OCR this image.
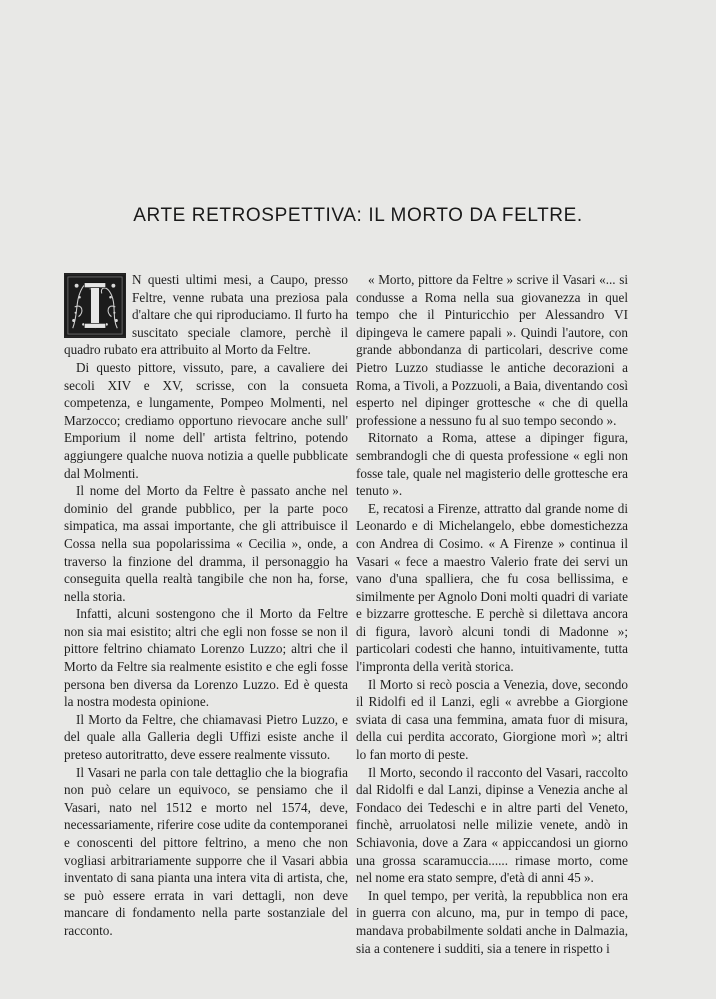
ARTE RETROSPETTIVA: IL MORTO DA FELTRE.
I

N questi ultimi mesi, a Caupo, presso Feltre, venne rubata una preziosa pala d'altare che qui riproduciamo. Il furto ha suscitato speciale clamore, perchè il quadro rubato era attribuito al Morto da Feltre.

Di questo pittore, vissuto, pare, a cavaliere dei secoli XIV e XV, scrisse, con la consueta competenza, e lungamente, Pompeo Molmenti, nel Marzocco; crediamo opportuno rievocare anche sull' Emporium il nome dell' artista feltrino, potendo aggiungere qualche nuova notizia a quelle pubblicate dal Molmenti.

Il nome del Morto da Feltre è passato anche nel dominio del grande pubblico, per la parte poco simpatica, ma assai importante, che gli attribuisce il Cossa nella sua popolarissima « Cecilia », onde, a traverso la finzione del dramma, il personaggio ha conseguita quella realtà tangibile che non ha, forse, nella storia.

Infatti, alcuni sostengono che il Morto da Feltre non sia mai esistito; altri che egli non fosse se non il pittore feltrino chiamato Lorenzo Luzzo; altri che il Morto da Feltre sia realmente esistito e che egli fosse persona ben diversa da Lorenzo Luzzo. Ed è questa la nostra modesta opinione.

Il Morto da Feltre, che chiamavasi Pietro Luzzo, e del quale alla Galleria degli Uffizi esiste anche il preteso autoritratto, deve essere realmente vissuto.

Il Vasari ne parla con tale dettaglio che la biografia non può celare un equivoco, se pensiamo che il Vasari, nato nel 1512 e morto nel 1574, deve, necessariamente, riferire cose udite da contemporanei e conoscenti del pittore feltrino, a meno che non vogliasi arbitrariamente supporre che il Vasari abbia inventato di sana pianta una intera vita di artista, che, se può essere errata in vari dettagli, non deve mancare di fondamento nella parte sostanziale del racconto.

« Morto, pittore da Feltre » scrive il Vasari «... si condusse a Roma nella sua giovanezza in quel tempo che il Pinturicchio per Alessandro VI dipingeva le camere papali ». Quindi l'autore, con grande abbondanza di particolari, descrive come Pietro Luzzo studiasse le antiche decorazioni a Roma, a Tivoli, a Pozzuoli, a Baia, diventando così esperto nel dipinger grottesche « che di quella professione a nessuno fu al suo tempo secondo ».

Ritornato a Roma, attese a dipinger figura, sembrandogli che di questa professione « egli non fosse tale, quale nel magisterio delle grottesche era tenuto ».

E, recatosi a Firenze, attratto dal grande nome di Leonardo e di Michelangelo, ebbe domestichezza con Andrea di Cosimo. « A Firenze » continua il Vasari « fece a maestro Valerio frate dei servi un vano d'una spalliera, che fu cosa bellissima, e similmente per Agnolo Doni molti quadri di variate e bizzarre grottesche. E perchè si dilettava ancora di figura, lavorò alcuni tondi di Madonne »; particolari codesti che hanno, intuitivamente, tutta l'impronta della verità storica.

Il Morto si recò poscia a Venezia, dove, secondo il Ridolfi ed il Lanzi, egli « avrebbe a Giorgione sviata di casa una femmina, amata fuor di misura, della cui perdita accorato, Giorgione morì »; altri lo fan morto di peste.

Il Morto, secondo il racconto del Vasari, raccolto dal Ridolfi e dal Lanzi, dipinse a Venezia anche al Fondaco dei Tedeschi e in altre parti del Veneto, finchè, arruolatosi nelle milizie venete, andò in Schiavonia, dove a Zara « appiccandosi un giorno una grossa scaramuccia...... rimase morto, come nel nome era stato sempre, d'età di anni 45 ».

In quel tempo, per verità, la repubblica non era in guerra con alcuno, ma, pur in tempo di pace, mandava probabilmente soldati anche in Dalmazia, sia a contenere i sudditi, sia a tenere in rispetto i
